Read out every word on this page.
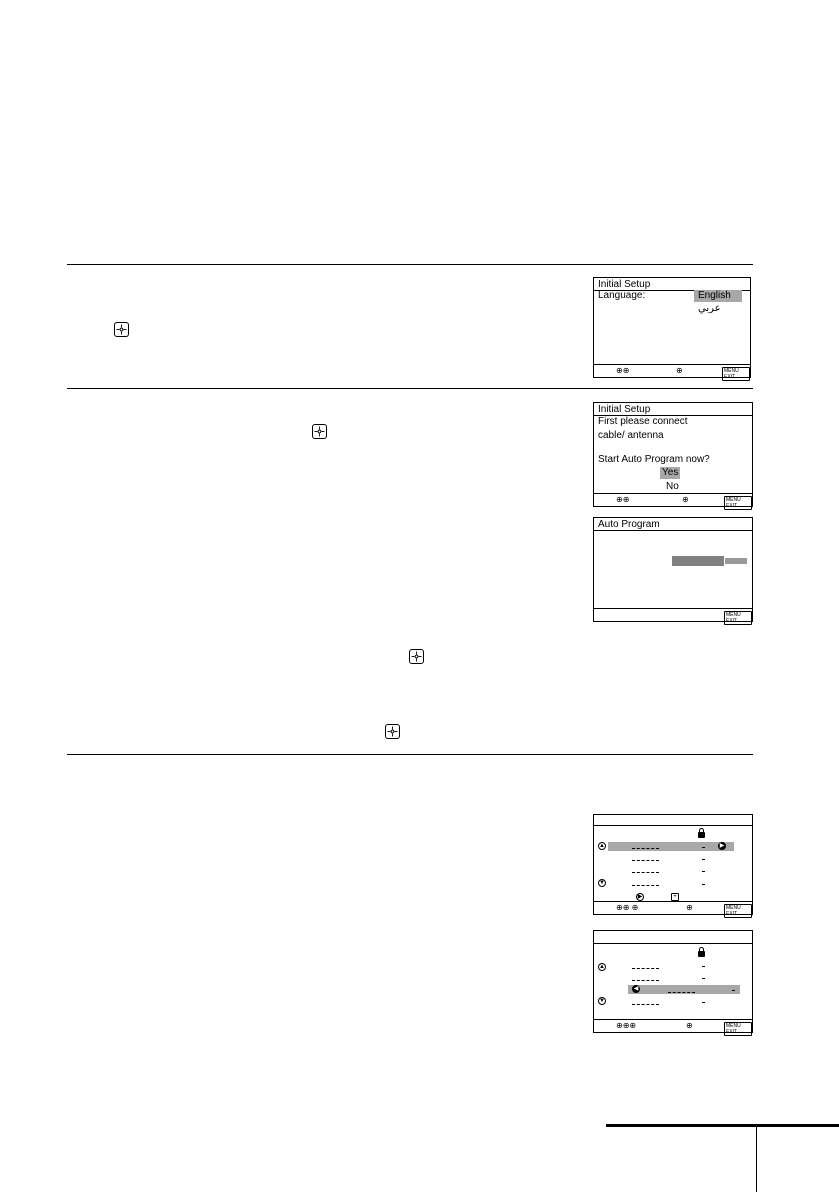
Initial Setup
Language:	English
عربي
⊕⊕	⊕	MENU EXIT
Initial Setup
First please connect
cable/ antenna
Start Auto Program now?
Yes
No
⊕⊕	⊕	MENU EXIT
Auto Program
MENU EXIT
▲	▶
▼
▶	+
⊕⊕ ⊕	⊕	MENU EXIT
▲
◀
▼
⊕⊕⊕	⊕	MENU EXIT
